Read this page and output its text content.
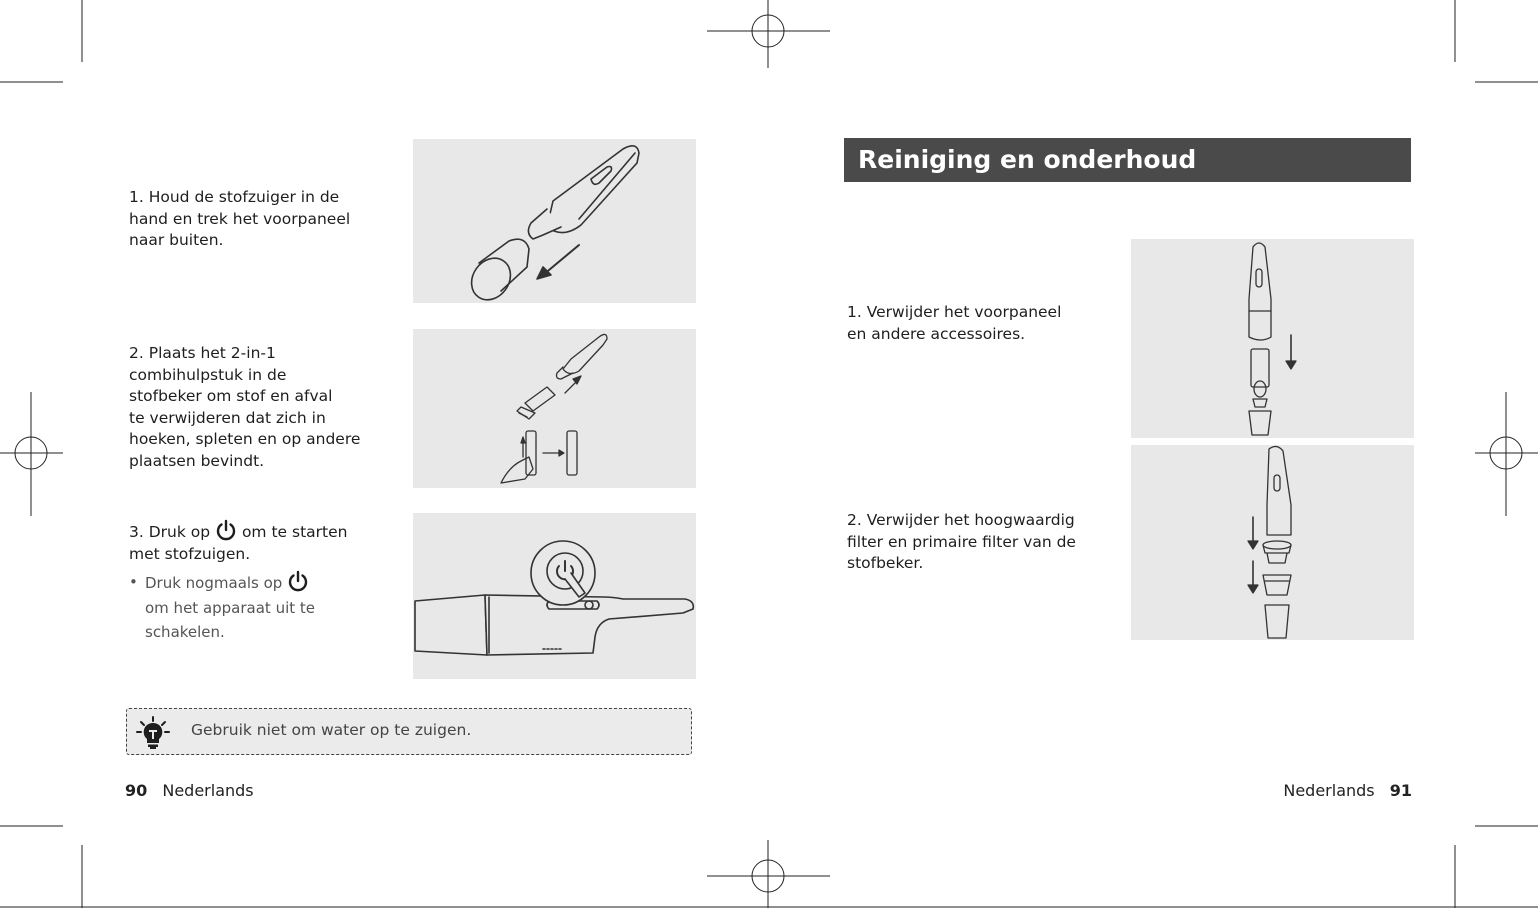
1. Houd de stofzuiger in de

hand en trek het voorpaneel

naar buiten.

2. Plaats het 2-in-1

combihulpstuk in de

stofbeker om stof en afval

te verwijderen dat zich in

hoeken, spleten en op andere

plaatsen bevindt.

3. Druk op om te starten

met stofzuigen.

• Druk nogmaals op
om het apparaat uit te
schakelen.
Gebruik niet om water op te zuigen.
90 Nederlands
Reiniging en onderhoud

1. Verwijder het voorpaneel

en andere accessoires.

2. Verwijder het hoogwaardig

filter en primaire filter van de

stofbeker.

Nederlands 91
